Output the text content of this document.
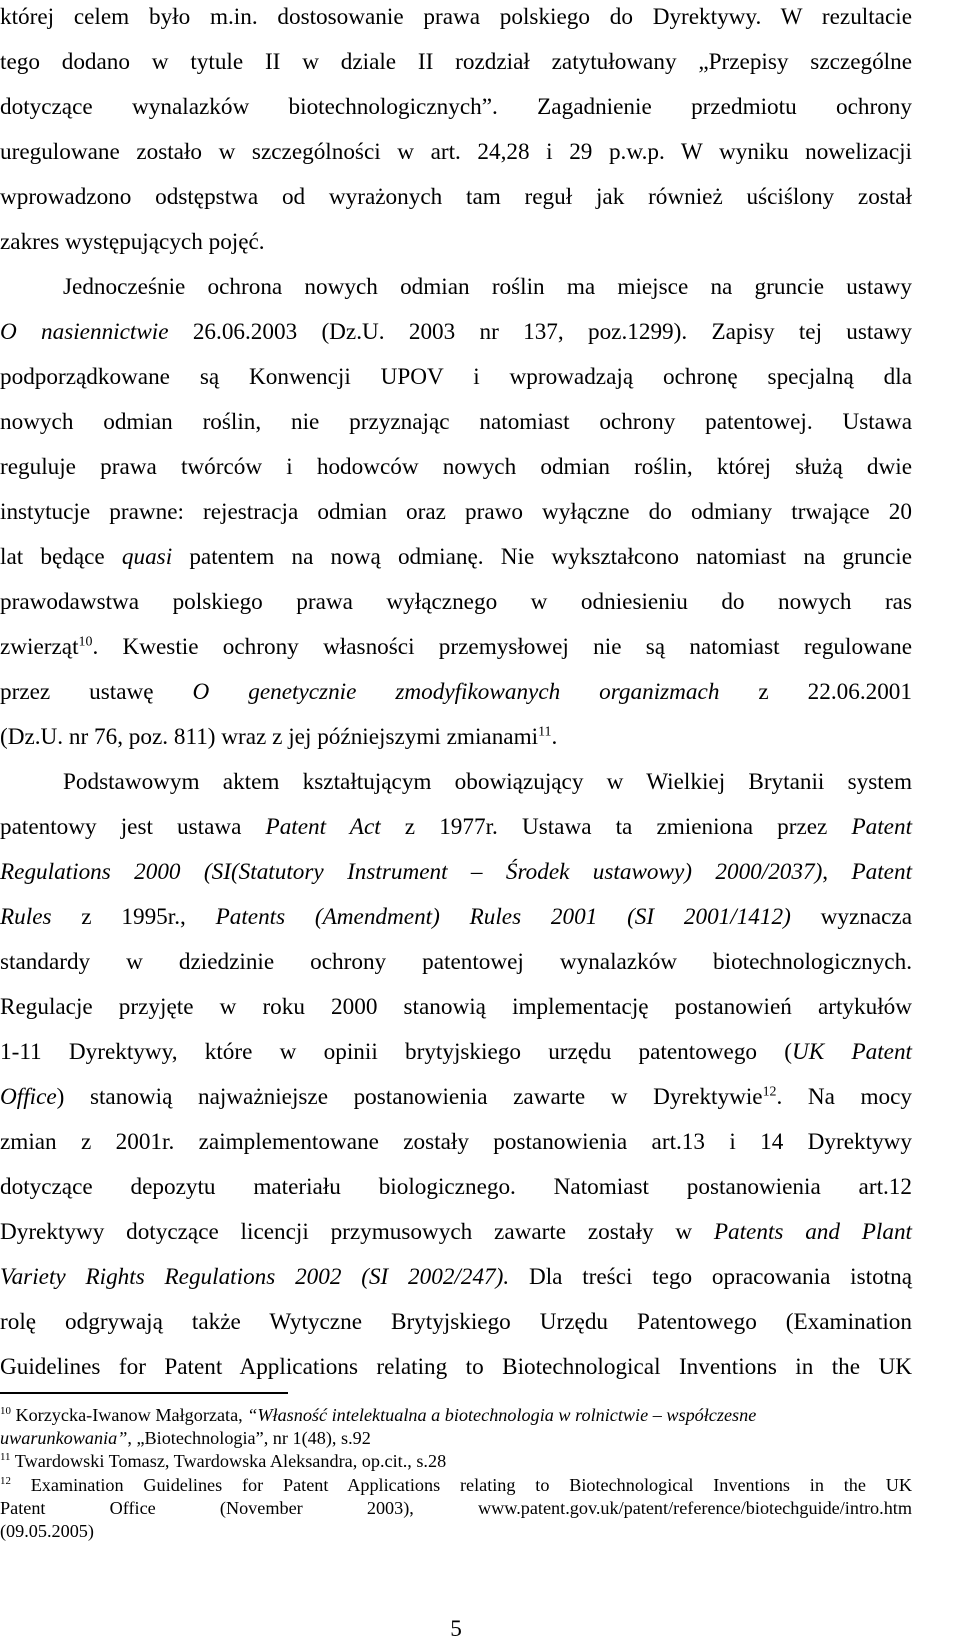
której celem było m.in. dostosowanie prawa polskiego do Dyrektywy. W rezultacie
tego dodano w tytule II w dziale II rozdział zatytułowany „Przepisy szczególne
dotyczące wynalazków biotechnologicznych”. Zagadnienie przedmiotu ochrony
uregulowane zostało w szczególności w art. 24,28 i 29 p.w.p. W wyniku nowelizacji
wprowadzono odstępstwa od wyrażonych tam reguł jak również uściślony został
zakres występujących pojęć.
Jednocześnie ochrona nowych odmian roślin ma miejsce na gruncie ustawy
O nasiennictwie 26.06.2003 (Dz.U. 2003 nr 137, poz.1299). Zapisy tej ustawy
podporządkowane są Konwencji UPOV i wprowadzają ochronę specjalną dla
nowych odmian roślin, nie przyznając natomiast ochrony patentowej. Ustawa
reguluje prawa twórców i hodowców nowych odmian roślin, której służą dwie
instytucje prawne: rejestracja odmian oraz prawo wyłączne do odmiany trwające 20
lat będące quasi patentem na nową odmianę. Nie wykształcono natomiast na gruncie
prawodawstwa polskiego prawa wyłącznego w odniesieniu do nowych ras
zwierząt$^{10}$. Kwestie ochrony własności przemysłowej nie są natomiast regulowane
przez ustawę O genetycznie zmodyfikowanych organizmach z 22.06.2001
(Dz.U. nr 76, poz. 811) wraz z jej późniejszymi zmianami$^{11}$.
Podstawowym aktem kształtującym obowiązujący w Wielkiej Brytanii system
patentowy jest ustawa Patent Act z 1977r. Ustawa ta zmieniona przez Patent
Regulations 2000 (SI(Statutory Instrument – Środek ustawowy) 2000/2037), Patent
Rules z 1995r., Patents (Amendment) Rules 2001 (SI 2001/1412) wyznacza
standardy w dziedzinie ochrony patentowej wynalazków biotechnologicznych.
Regulacje przyjęte w roku 2000 stanowią implementację postanowień artykułów
1-11 Dyrektywy, które w opinii brytyjskiego urzędu patentowego (UK Patent
Office) stanowią najważniejsze postanowienia zawarte w Dyrektywie$^{12}$. Na mocy
zmian z 2001r. zaimplementowane zostały postanowienia art.13 i 14 Dyrektywy
dotyczące depozytu materiału biologicznego. Natomiast postanowienia art.12
Dyrektywy dotyczące licencji przymusowych zawarte zostały w Patents and Plant
Variety Rights Regulations 2002 (SI 2002/247). Dla treści tego opracowania istotną
rolę odgrywają także Wytyczne Brytyjskiego Urzędu Patentowego (Examination
Guidelines for Patent Applications relating to Biotechnological Inventions in the UK
$^{10}$ Korzycka-Iwanow Małgorzata, “Własność intelektualna a biotechnologia w rolnictwie – współczesne
uwarunkowania”, „Biotechnologia”, nr 1(48), s.92
$^{11}$ Twardowski Tomasz, Twardowska Aleksandra, op.cit., s.28
$^{12}$ Examination Guidelines for Patent Applications relating to Biotechnological Inventions in the UK
Patent Office (November 2003), www.patent.gov.uk/patent/reference/biotechguide/intro.htm
(09.05.2005)
5
